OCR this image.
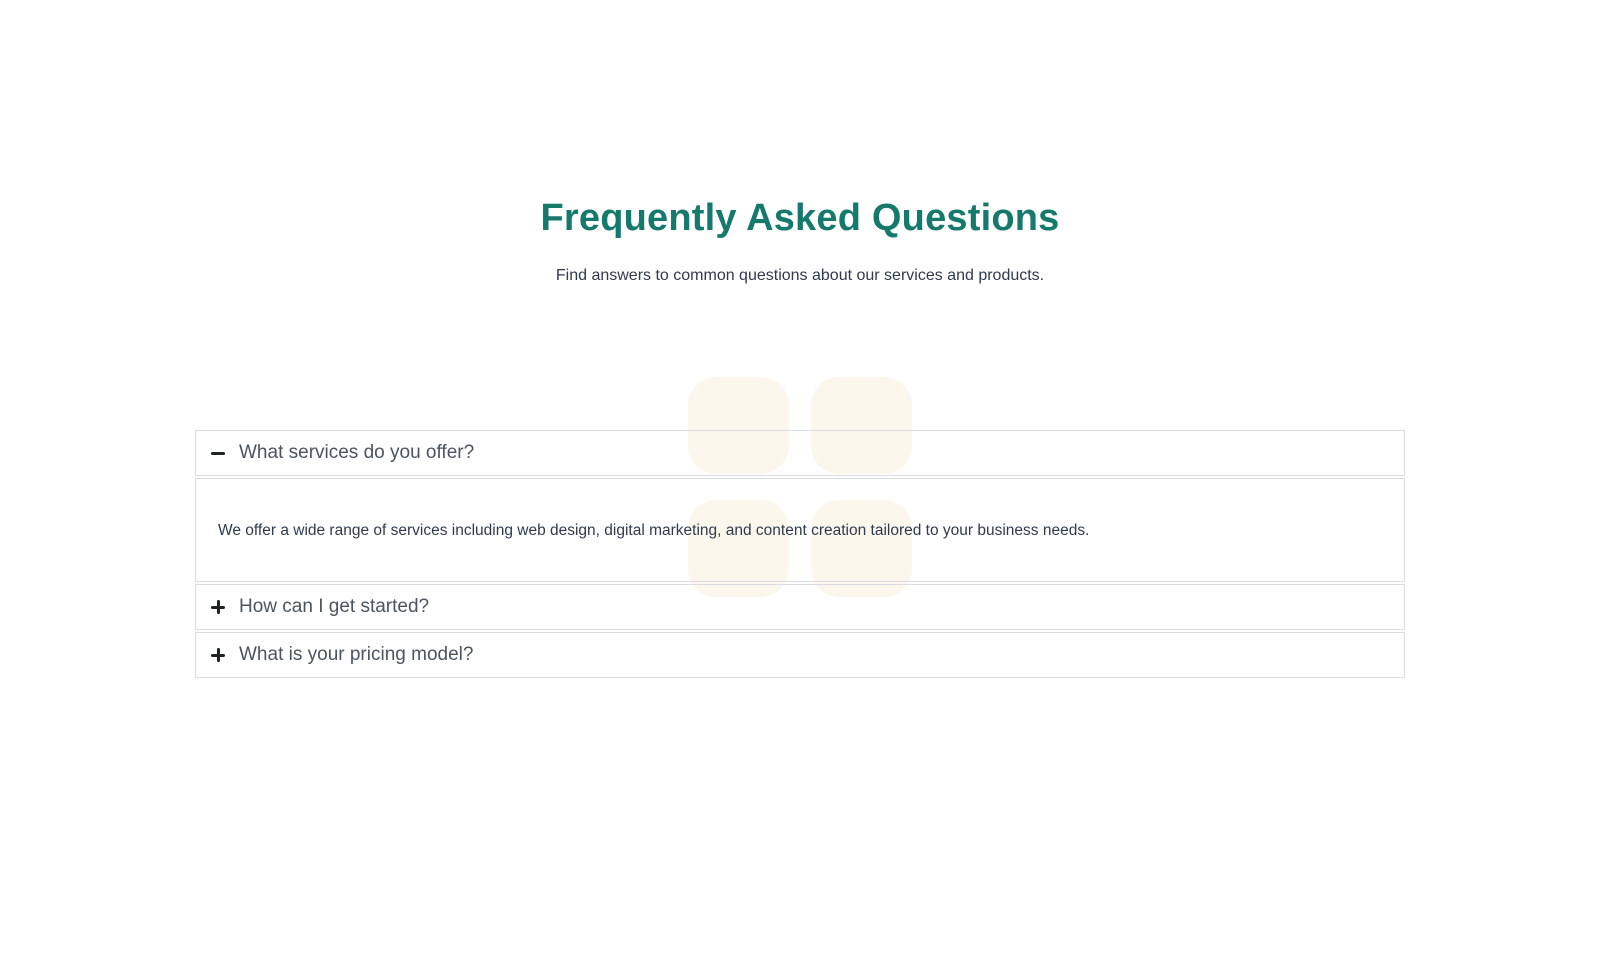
Frequently Asked Questions
Find answers to common questions about our services and products.
What services do you offer?
We offer a wide range of services including web design, digital marketing, and content creation tailored to your business needs.
How can I get started?
What is your pricing model?
